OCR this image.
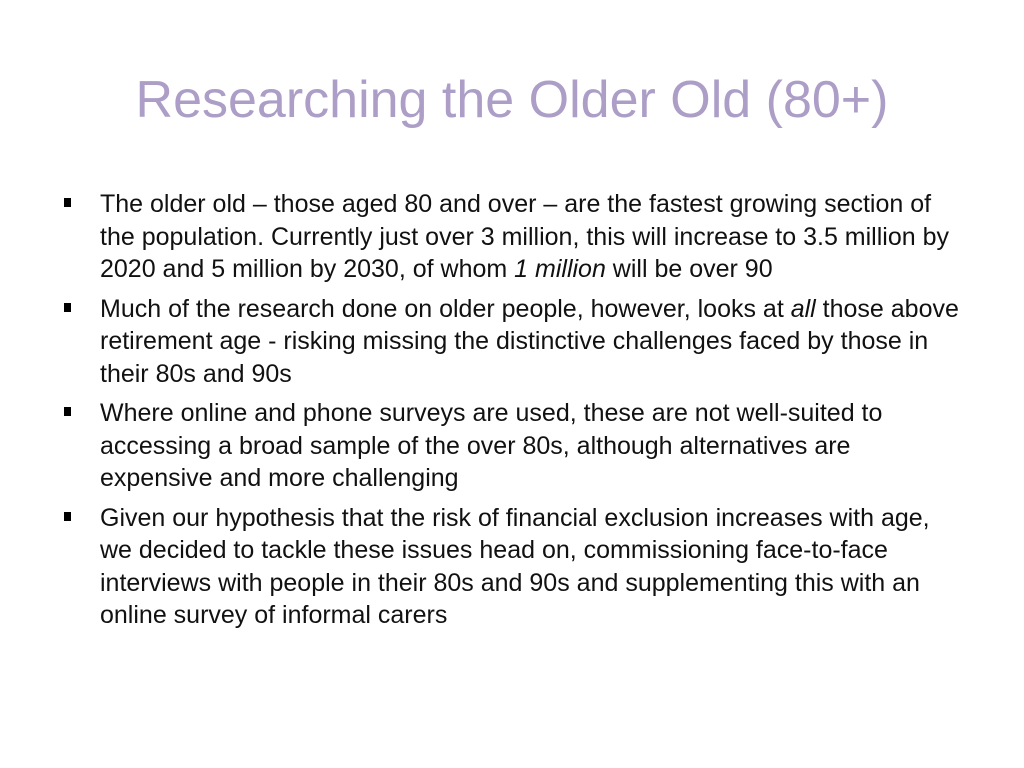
Researching the Older Old (80+)
The older old – those aged 80 and over – are the fastest growing section of the population. Currently just over 3 million, this will increase to 3.5 million by 2020 and 5 million by 2030, of whom 1 million will be over 90
Much of the research done on older people, however, looks at all those above retirement age - risking missing the distinctive challenges faced by those in their 80s and 90s
Where online and phone surveys are used, these are not well-suited to accessing a broad sample of the over 80s, although alternatives are expensive and more challenging
Given our hypothesis that the risk of financial exclusion increases with age, we decided to tackle these issues head on, commissioning face-to-face interviews with people in their 80s and 90s and supplementing this with an online survey of informal carers
